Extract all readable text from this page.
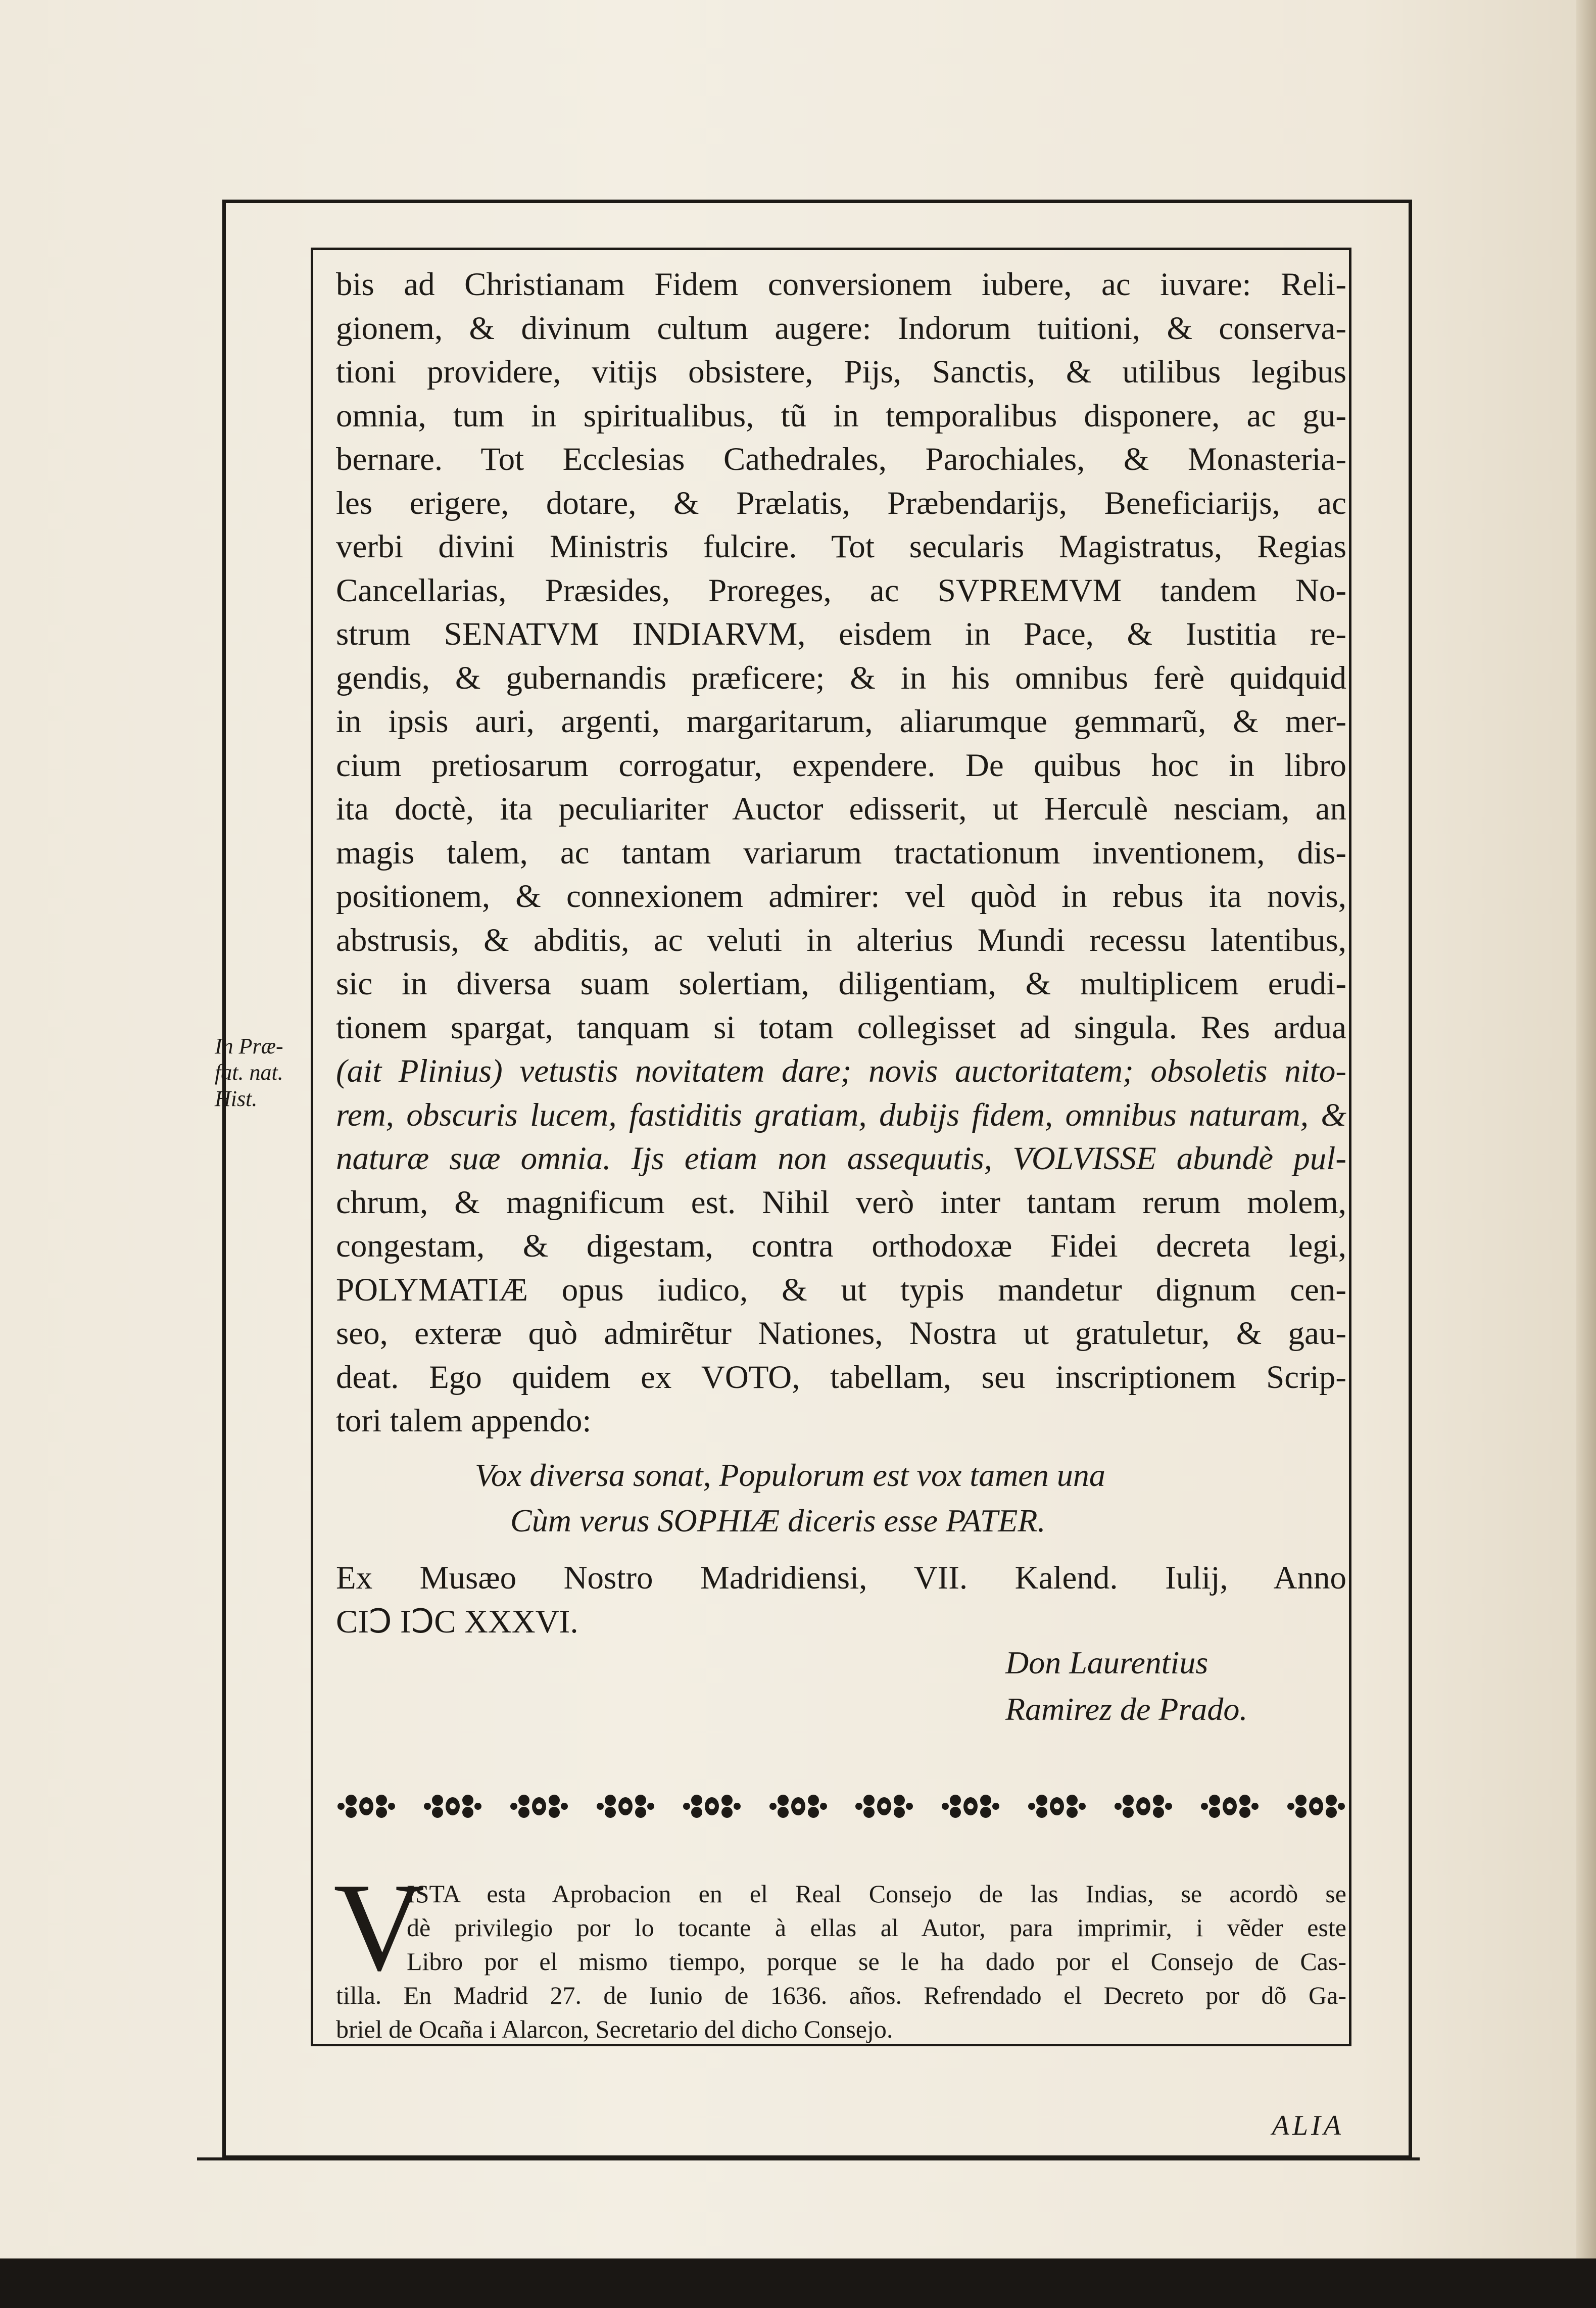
bis ad Christianam Fidem conversionem iubere, ac iuvare: Reli-
gionem, & divinum cultum augere: Indorum tuitioni, & conserva-
tioni providere, vitijs obsistere, Pijs, Sanctis, & utilibus legibus
omnia, tum in spiritualibus, tũ in temporalibus disponere, ac gu-
bernare. Tot Ecclesias Cathedrales, Parochiales, & Monasteria-
les erigere, dotare, & Prælatis, Præbendarijs, Beneficiarijs, ac
verbi divini Ministris fulcire. Tot secularis Magistratus, Regias
Cancellarias, Præsides, Proreges, ac SVPREMVM tandem No-
strum SENATVM INDIARVM, eisdem in Pace, & Iustitia re-
gendis, & gubernandis præficere; & in his omnibus ferè quidquid
in ipsis auri, argenti, margaritarum, aliarumque gemmarũ, & mer-
cium pretiosarum corrogatur, expendere. De quibus hoc in libro
ita doctè, ita peculiariter Auctor edisserit, ut Herculè nesciam, an
magis talem, ac tantam variarum tractationum inventionem, dis-
positionem, & connexionem admirer: vel quòd in rebus ita novis,
abstrusis, & abditis, ac veluti in alterius Mundi recessu latentibus,
sic in diversa suam solertiam, diligentiam, & multiplicem erudi-
tionem spargat, tanquam si totam collegisset ad singula. Res ardua
(ait Plinius) vetustis novitatem dare; novis auctoritatem; obsoletis nito-
rem, obscuris lucem, fastiditis gratiam, dubijs fidem, omnibus naturam, &
naturæ suæ omnia. Ijs etiam non assequutis, VOLVISSE abundè pul-
chrum, & magnificum est. Nihil verò inter tantam rerum molem,
congestam, & digestam, contra orthodoxæ Fidei decreta legi,
POLYMATIÆ opus iudico, & ut typis mandetur dignum cen-
seo, exteræ quò admirẽtur Nationes, Nostra ut gratuletur, & gau-
deat. Ego quidem ex VOTO, tabellam, seu inscriptionem Scrip-
tori talem appendo:
In Præ-
fat. nat.
Hist.
Vox diversa sonat, Populorum est vox tamen una
Cùm verus SOPHIÆ diceris esse PATER.
Ex Musæo Nostro Madridiensi, VII. Kalend. Iulij, Anno
CIↃ IↃC XXXVI.
Don Laurentius
Ramirez de Prado.
V
ISTA esta Aprobacion en el Real Consejo de las Indias, se acordò se
dè privilegio por lo tocante à ellas al Autor, para imprimir, i vẽder este
Libro por el mismo tiempo, porque se le ha dado por el Consejo de Cas-
tilla. En Madrid 27. de Iunio de 1636. años. Refrendado el Decreto por dõ Ga-
briel de Ocaña i Alarcon, Secretario del dicho Consejo.
ALIA
